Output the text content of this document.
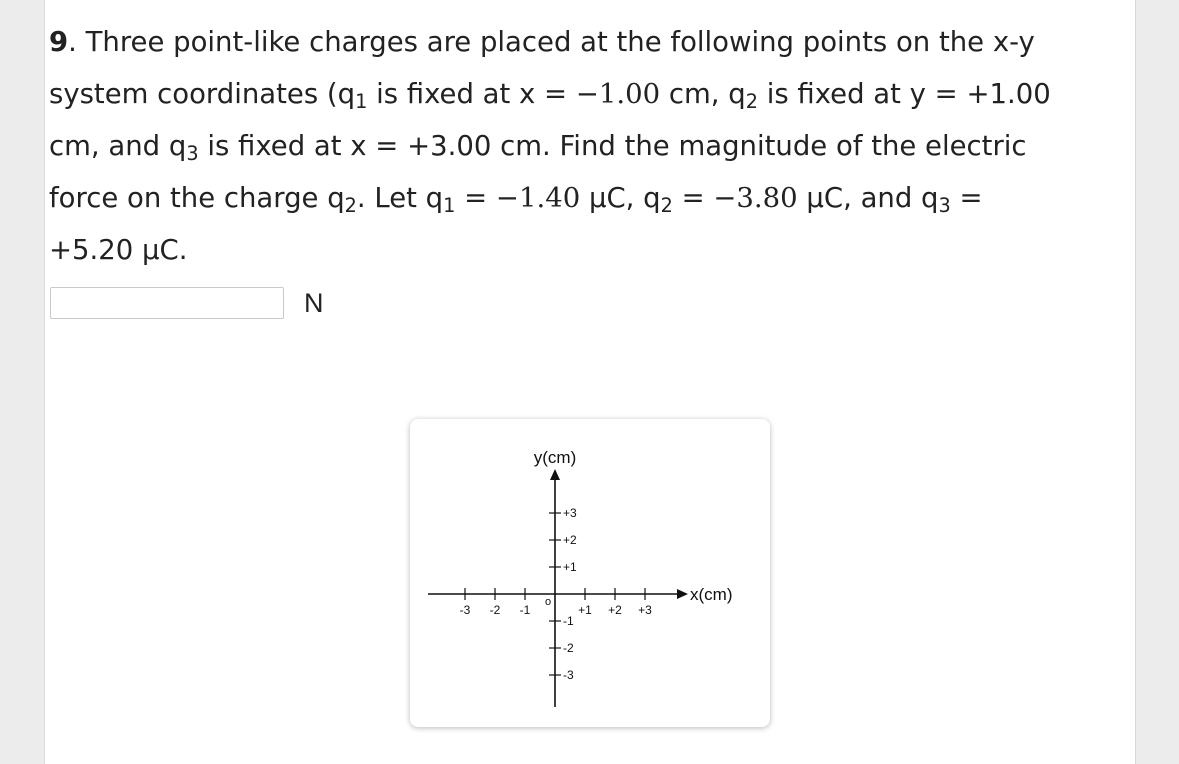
9. Three point-like charges are placed at the following points on the x-y
system coordinates ($q_1$ is fixed at x = −1.00 cm, $q_2$ is fixed at y = +1.00
cm, and $q_3$ is fixed at x = +3.00 cm. Find the magnitude of the electric
force on the charge $q_2$. Let $q_1 = -1.40$ μC, $q_2 = -3.80$ μC, and $q_3$ =
+5.20 μC.
N
y(cm)
x(cm)
o
-3 -2 -1	+1 +2 +3
+3
+2
+1
-1
-2
-3
